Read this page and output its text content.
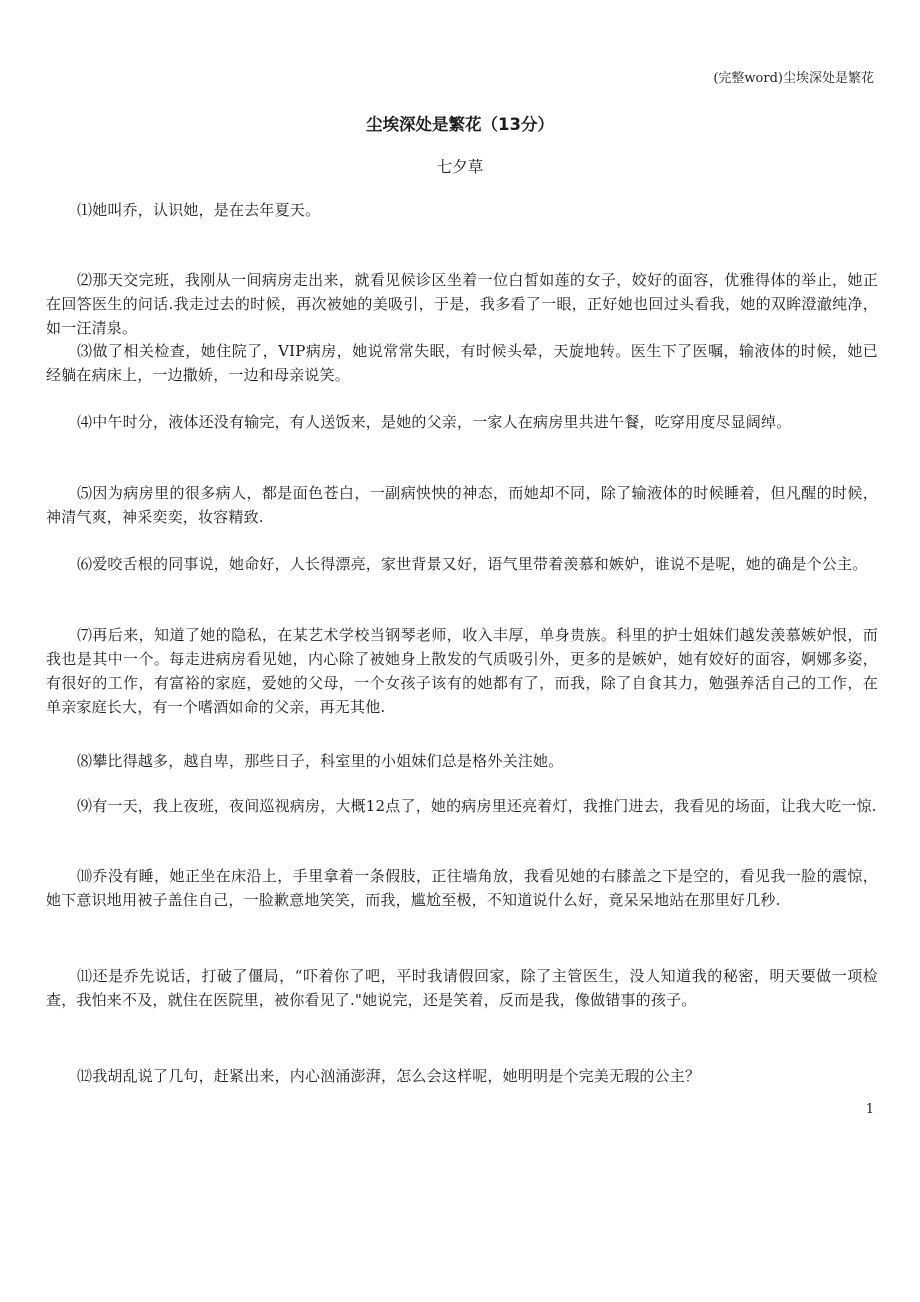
(完整word)尘埃深处是繁花
尘埃深处是繁花（13分）
七夕草

⑴她叫乔，认识她，是在去年夏天。

⑵那天交完班，我刚从一间病房走出来，就看见候诊区坐着一位白皙如莲的女子，姣好的面容，优雅得体的举止，她正在回答医生的问话.我走过去的时候，再次被她的美吸引，于是，我多看了一眼，正好她也回过头看我，她的双眸澄澈纯净，如一汪清泉。

⑶做了相关检查，她住院了，VIP病房，她说常常失眠，有时候头晕，天旋地转。医生下了医嘱，输液体的时候，她已经躺在病床上，一边撒娇，一边和母亲说笑。

⑷中午时分，液体还没有输完，有人送饭来，是她的父亲，一家人在病房里共进午餐，吃穿用度尽显阔绰。

⑸因为病房里的很多病人，都是面色苍白，一副病怏怏的神态，而她却不同，除了输液体的时候睡着，但凡醒的时候，神清气爽，神采奕奕，妆容精致.

⑹爱咬舌根的同事说，她命好，人长得漂亮，家世背景又好，语气里带着羡慕和嫉妒，谁说不是呢，她的确是个公主。

⑺再后来，知道了她的隐私，在某艺术学校当钢琴老师，收入丰厚，单身贵族。科里的护士姐妹们越发羡慕嫉妒恨，而我也是其中一个。每走进病房看见她，内心除了被她身上散发的气质吸引外，更多的是嫉妒，她有姣好的面容，婀娜多姿，有很好的工作，有富裕的家庭，爱她的父母，一个女孩子该有的她都有了，而我，除了自食其力，勉强养活自己的工作，在单亲家庭长大，有一个嗜酒如命的父亲，再无其他.

⑻攀比得越多，越自卑，那些日子，科室里的小姐妹们总是格外关注她。

⑼有一天，我上夜班，夜间巡视病房，大概12点了，她的病房里还亮着灯，我推门进去，我看见的场面，让我大吃一惊.

⑽乔没有睡，她正坐在床沿上，手里拿着一条假肢，正往墙角放，我看见她的右膝盖之下是空的，看见我一脸的震惊，她下意识地用被子盖住自己，一脸歉意地笑笑，而我，尴尬至极，不知道说什么好，竟呆呆地站在那里好几秒.

⑾还是乔先说话，打破了僵局，“吓着你了吧，平时我请假回家，除了主管医生，没人知道我的秘密，明天要做一项检查，我怕来不及，就住在医院里，被你看见了."她说完，还是笑着，反而是我，像做错事的孩子。

⑿我胡乱说了几句，赶紧出来，内心汹涌澎湃，怎么会这样呢，她明明是个完美无瑕的公主？

1
